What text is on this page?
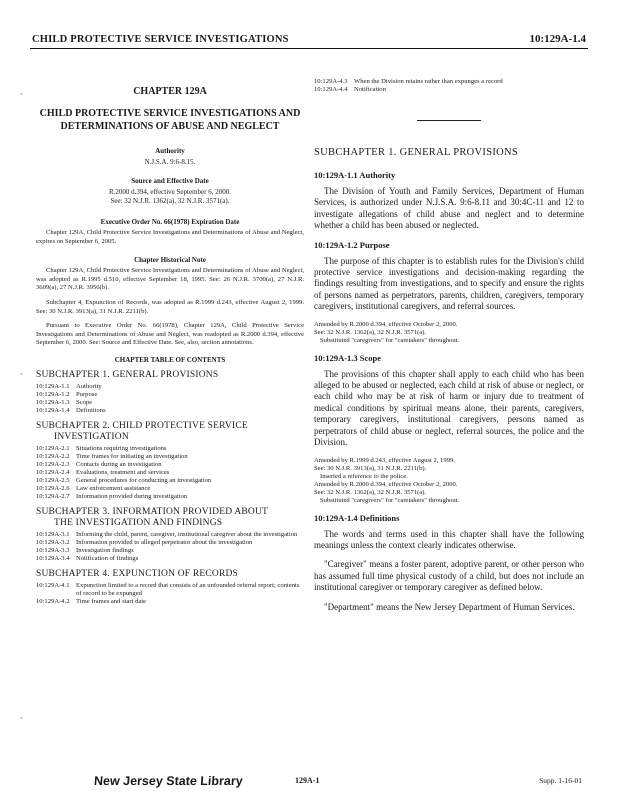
CHILD PROTECTIVE SERVICE INVESTIGATIONS	10:129A-1.4
ˇ
ˇ
ˇ
CHAPTER 129A
CHILD PROTECTIVE SERVICE INVESTIGATIONS AND DETERMINATIONS OF ABUSE AND NEGLECT
Authority
N.J.S.A. 9:6-8.15.
Source and Effective Date
R.2000 d.394, effective September 6, 2000.
See: 32 N.J.R. 1362(a), 32 N.J.R. 3571(a).
Executive Order No. 66(1978) Expiration Date

Chapter 129A, Child Protective Service Investigations and Determinations of Abuse and Neglect, expires on September 6, 2005.

Chapter Historical Note

Chapter 129A, Child Protective Service Investigations and Determinations of Abuse and Neglect, was adopted as R.1995 d.510, effective September 18, 1995. See: 26 N.J.R. 3700(a), 27 N.J.R. 3609(a), 27 N.J.R. 3956(b).

Subchapter 4, Expunction of Records, was adopted as R.1999 d.243, effective August 2, 1999. See: 30 N.J.R. 3913(a), 31 N.J.R. 2211(b).

Pursuant to Executive Order No. 66(1978), Chapter 129A, Child Protective Service Investigations and Determinations of Abuse and Neglect, was readopted as R.2000 d.394, effective September 6, 2000. See: Source and Effective Date. See, also, section annotations.

CHAPTER TABLE OF CONTENTS
SUBCHAPTER 1. GENERAL PROVISIONS
10:129A-1.1 Authority
10:129A-1.2 Purpose
10:129A-1.3 Scope
10:129A-1.4 Definitions
SUBCHAPTER 2. CHILD PROTECTIVE SERVICE
INVESTIGATION
10:129A-2.1 Situations requiring investigations
10:129A-2.2 Time frames for initiating an investigation
10:129A-2.3 Contacts during an investigation
10:129A-2.4 Evaluations, treatment and services
10:129A-2.5 General procedures for conducting an investigation
10:129A-2.6 Law enforcement assistance
10:129A-2.7 Information provided during investigation
SUBCHAPTER 3. INFORMATION PROVIDED ABOUT
THE INVESTIGATION AND FINDINGS
10:129A-3.1 Informing the child, parent, caregiver, institutional caregiver about the investigation
10:129A-3.2 Information provided to alleged perpetrator about the investigation
10:129A-3.3 Investigation findings
10:129A-3.4 Notification of findings
SUBCHAPTER 4. EXPUNCTION OF RECORDS
10:129A-4.1 Expunction limited to a record that consists of an unfounded referral report; contents of record to be expunged
10:129A-4.2 Time frames and start date
10:129A-4.3 When the Division retains rather than expunges a record
10:129A-4.4 Notification
SUBCHAPTER 1. GENERAL PROVISIONS
10:129A-1.1 Authority

The Division of Youth and Family Services, Department of Human Services, is authorized under N.J.S.A. 9:6-8.11 and 30:4C-11 and 12 to investigate allegations of child abuse and neglect and to determine whether a child has been abused or neglected.

10:129A-1.2 Purpose

The purpose of this chapter is to establish rules for the Division's child protective service investigations and decision-making regarding the findings resulting from investigations, and to specify and ensure the rights of persons named as perpetrators, parents, children, caregivers, temporary caregivers, institutional caregivers, and referral sources.

Amended by R.2000 d.394, effective October 2, 2000.
See: 32 N.J.R. 1362(a), 32 N.J.R. 3571(a).
Substituted "caregivers" for "caretakers" throughout.
10:129A-1.3 Scope

The provisions of this chapter shall apply to each child who has been alleged to be abused or neglected, each child at risk of abuse or neglect, or each child who may be at risk of harm or injury due to treatment of medical conditions by spiritual means alone, their parents, caregivers, temporary caregivers, institutional caregivers, persons named as perpetrators of child abuse or neglect, referral sources, the police and the Division.

Amended by R.1999 d.243, effective August 2, 1999.
See: 30 N.J.R. 3913(a), 31 N.J.R. 2211(b).
Inserted a reference to the police.
Amended by R.2000 d.394, effective October 2, 2000.
See: 32 N.J.R. 1362(a), 32 N.J.R. 3571(a).
Substituted "caregivers" for "caretakers" throughout.
10:129A-1.4 Definitions

The words and terms used in this chapter shall have the following meanings unless the context clearly indicates otherwise.

"Caregiver" means a foster parent, adoptive parent, or other person who has assumed full time physical custody of a child, but does not include an institutional caregiver or temporary caregiver as defined below.

"Department" means the New Jersey Department of Human Services.

New Jersey State Library	129A-1	Supp. 1-16-01
